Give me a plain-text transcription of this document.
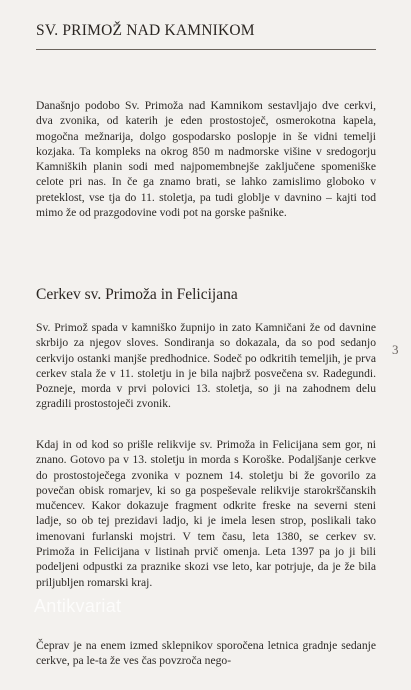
SV. PRIMOŽ NAD KAMNIKOM

Današnjo podobo Sv. Primoža nad Kamnikom sestavljajo dve cerkvi, dva zvonika, od katerih je eden prostostoječ, osmerokotna kapela, mogočna mežnarija, dolgo gospodarsko poslopje in še vidni temelji kozjaka. Ta kompleks na okrog 850 m nadmorske višine v sredogorju Kamniških planin sodi med najpomembnejše zaključene spomeniške celote pri nas. In če ga znamo brati, se lahko zamislimo globoko v preteklost, vse tja do 11. stoletja, pa tudi globlje v davnino – kajti tod mimo že od prazgodovine vodi pot na gorske pašnike.

Cerkev sv. Primoža in Felicijana

Sv. Primož spada v kamniško župnijo in zato Kamničani že od davnine skrbijo za njegov sloves. Sondiranja so dokazala, da so pod sedanjo cerkvijo ostanki manjše predhodnice. Sodeč po odkritih temeljih, je prva cerkev stala že v 11. stoletju in je bila najbrž posvečena sv. Radegundi. Pozneje, morda v prvi polovici 13. stoletja, so ji na zahodnem delu zgradili prostostoječi zvonik.

Kdaj in od kod so prišle relikvije sv. Primoža in Felicijana sem gor, ni znano. Gotovo pa v 13. stoletju in morda s Koroške. Podaljšanje cerkve do prostostoječega zvonika v poznem 14. stoletju bi že govorilo za povečan obisk romarjev, ki so ga pospeševale relikvije starokrščanskih mučencev. Kakor dokazuje fragment odkrite freske na severni steni ladje, so ob tej prezidavi ladjo, ki je imela lesen strop, poslikali tako imenovani furlanski mojstri. V tem času, leta 1380, se cerkev sv. Primoža in Felicijana v listinah prvič omenja. Leta 1397 pa jo ji bili podeljeni odpustki za praznike skozi vse leto, kar potrjuje, da je že bila priljubljen romarski kraj.

Čeprav je na enem izmed sklepnikov sporočena letnica gradnje sedanje cerkve, pa le-ta že ves čas povzroča nego-

3
Antikvariat
